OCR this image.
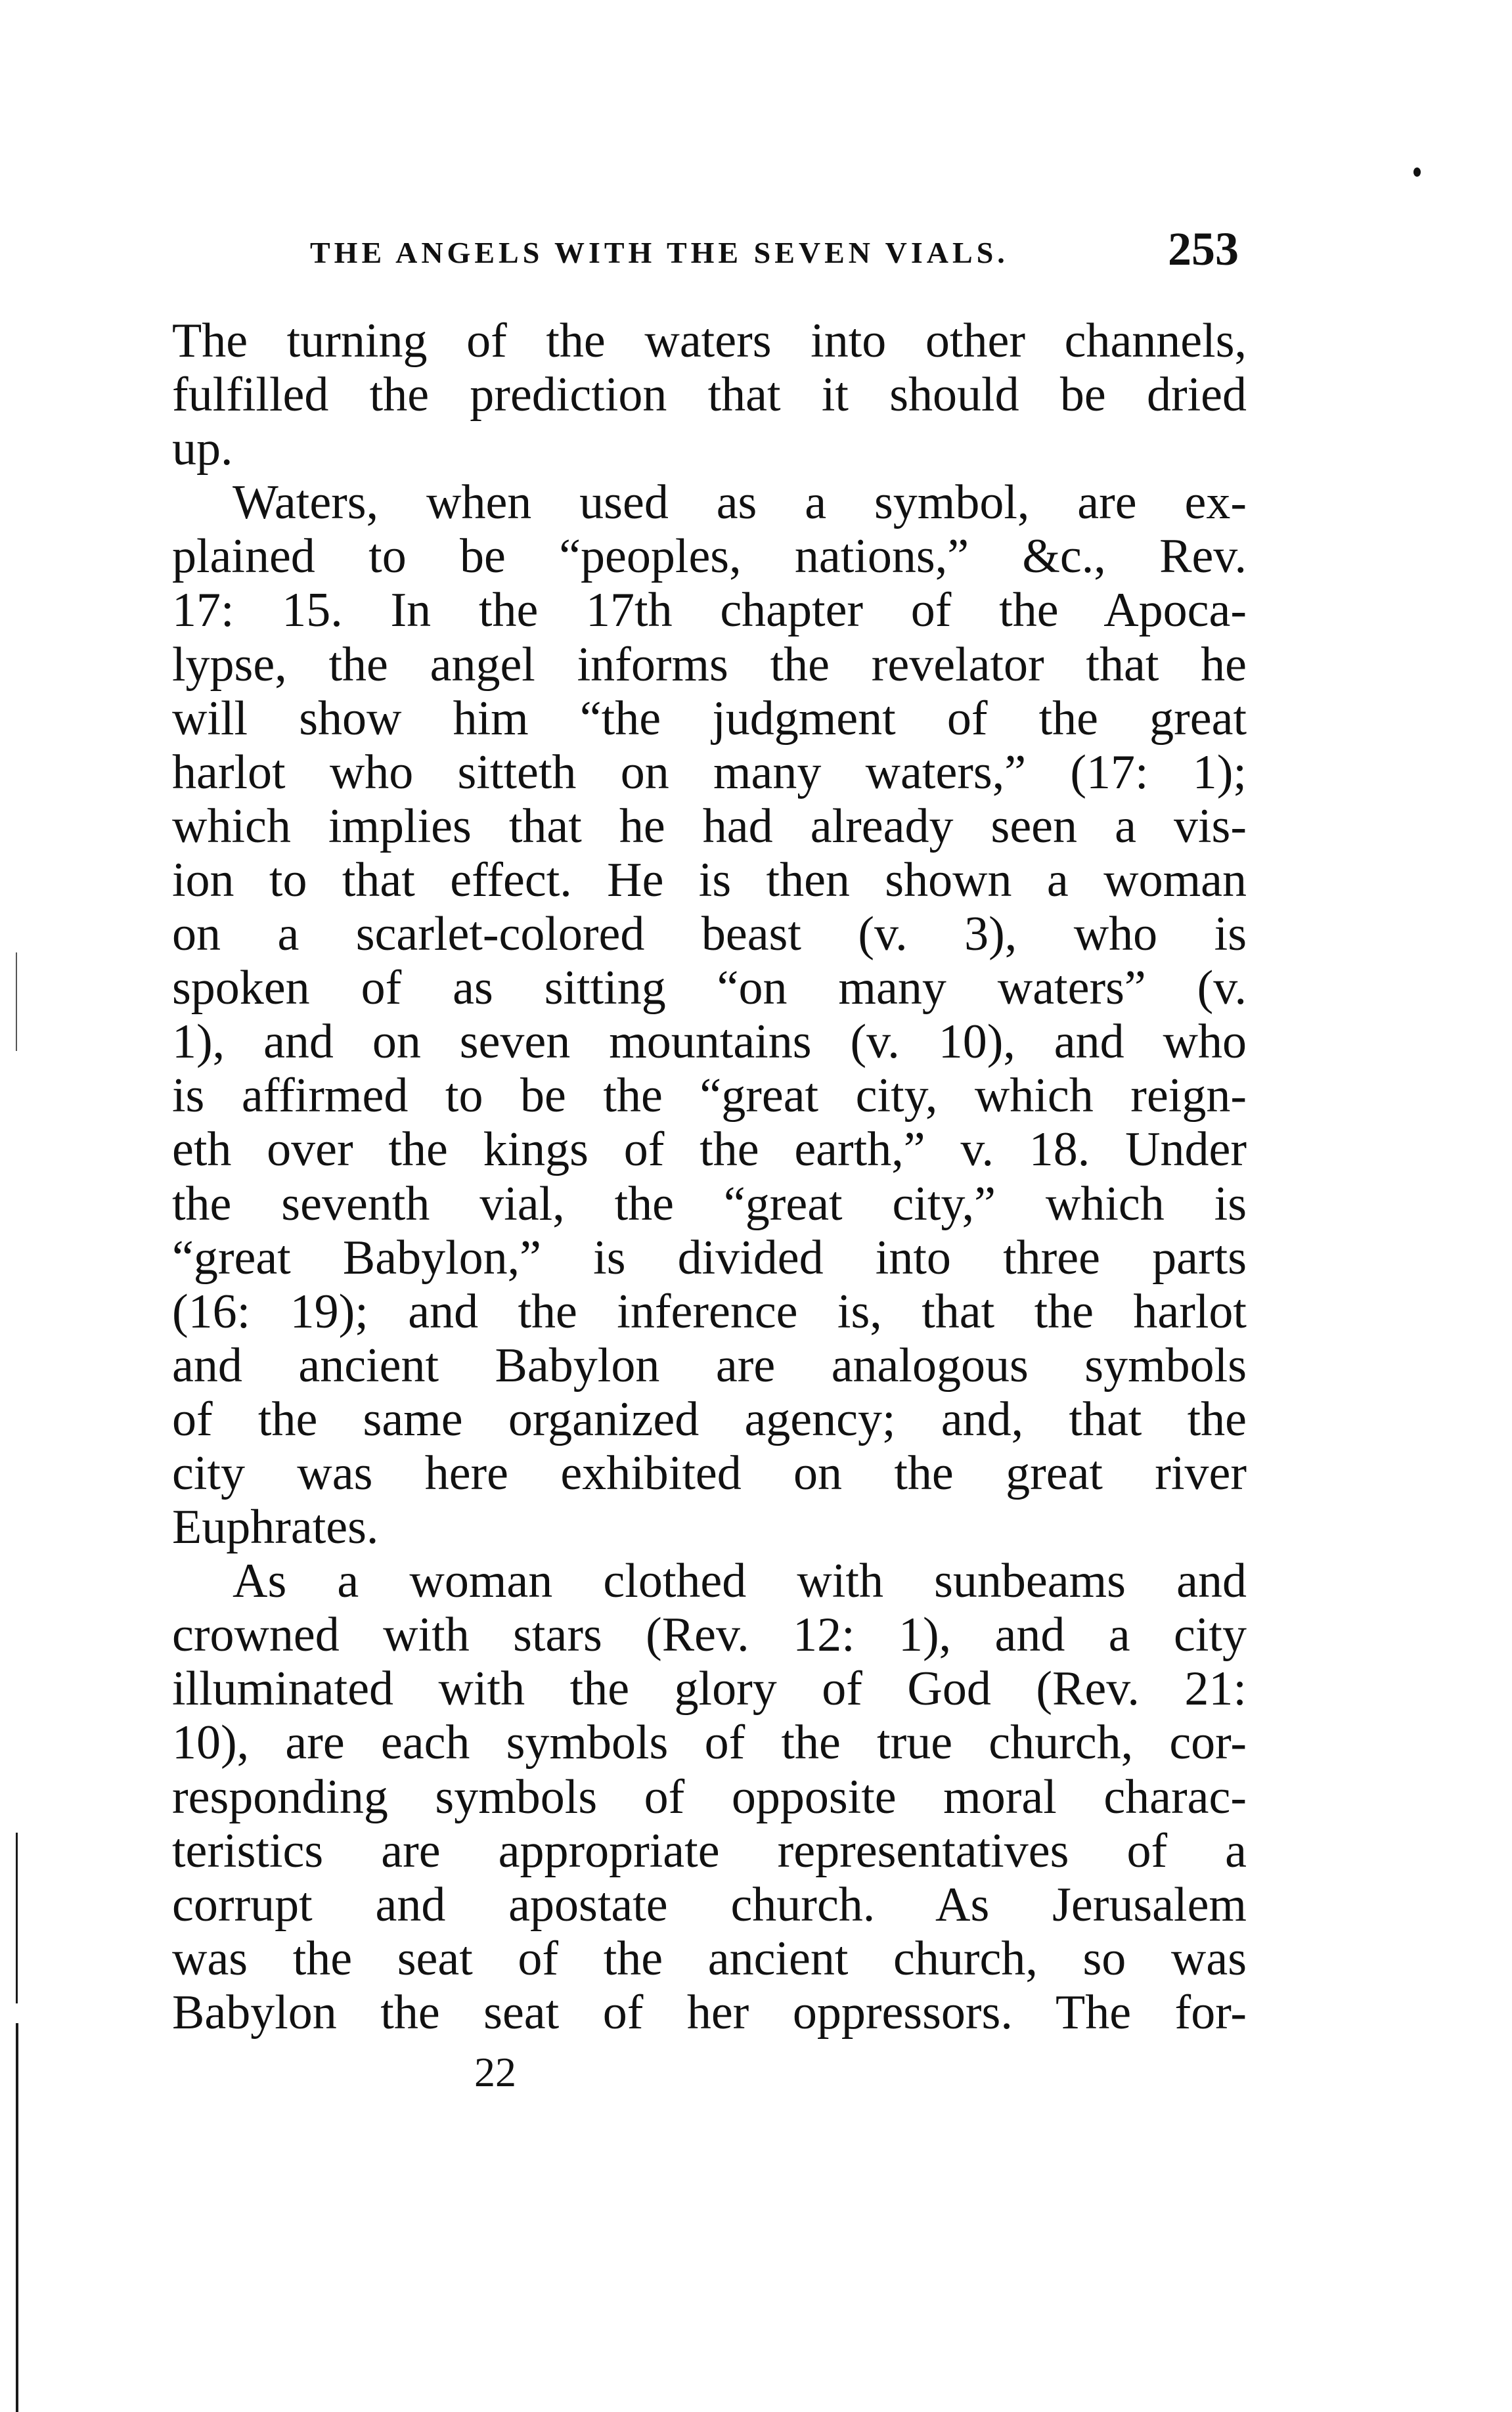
THE ANGELS WITH THE SEVEN VIALS.	253
The turning of the waters into other channels,
fulfilled the prediction that it should be dried
up.
Waters, when used as a symbol, are ex-
plained to be “peoples, nations,” &c., Rev.
17: 15. In the 17th chapter of the Apoca-
lypse, the angel informs the revelator that he
will show him “the judgment of the great
harlot who sitteth on many waters,” (17: 1);
which implies that he had already seen a vis-
ion to that effect. He is then shown a woman
on a scarlet-colored beast (v. 3), who is
spoken of as sitting “on many waters” (v.
1), and on seven mountains (v. 10), and who
is affirmed to be the “great city, which reign-
eth over the kings of the earth,” v. 18. Under
the seventh vial, the “great city,” which is
“great Babylon,” is divided into three parts
(16: 19); and the inference is, that the harlot
and ancient Babylon are analogous symbols
of the same organized agency; and, that the
city was here exhibited on the great river
Euphrates.
As a woman clothed with sunbeams and
crowned with stars (Rev. 12: 1), and a city
illuminated with the glory of God (Rev. 21:
10), are each symbols of the true church, cor-
responding symbols of opposite moral charac-
teristics are appropriate representatives of a
corrupt and apostate church. As Jerusalem
was the seat of the ancient church, so was
Babylon the seat of her oppressors. The for-
22
